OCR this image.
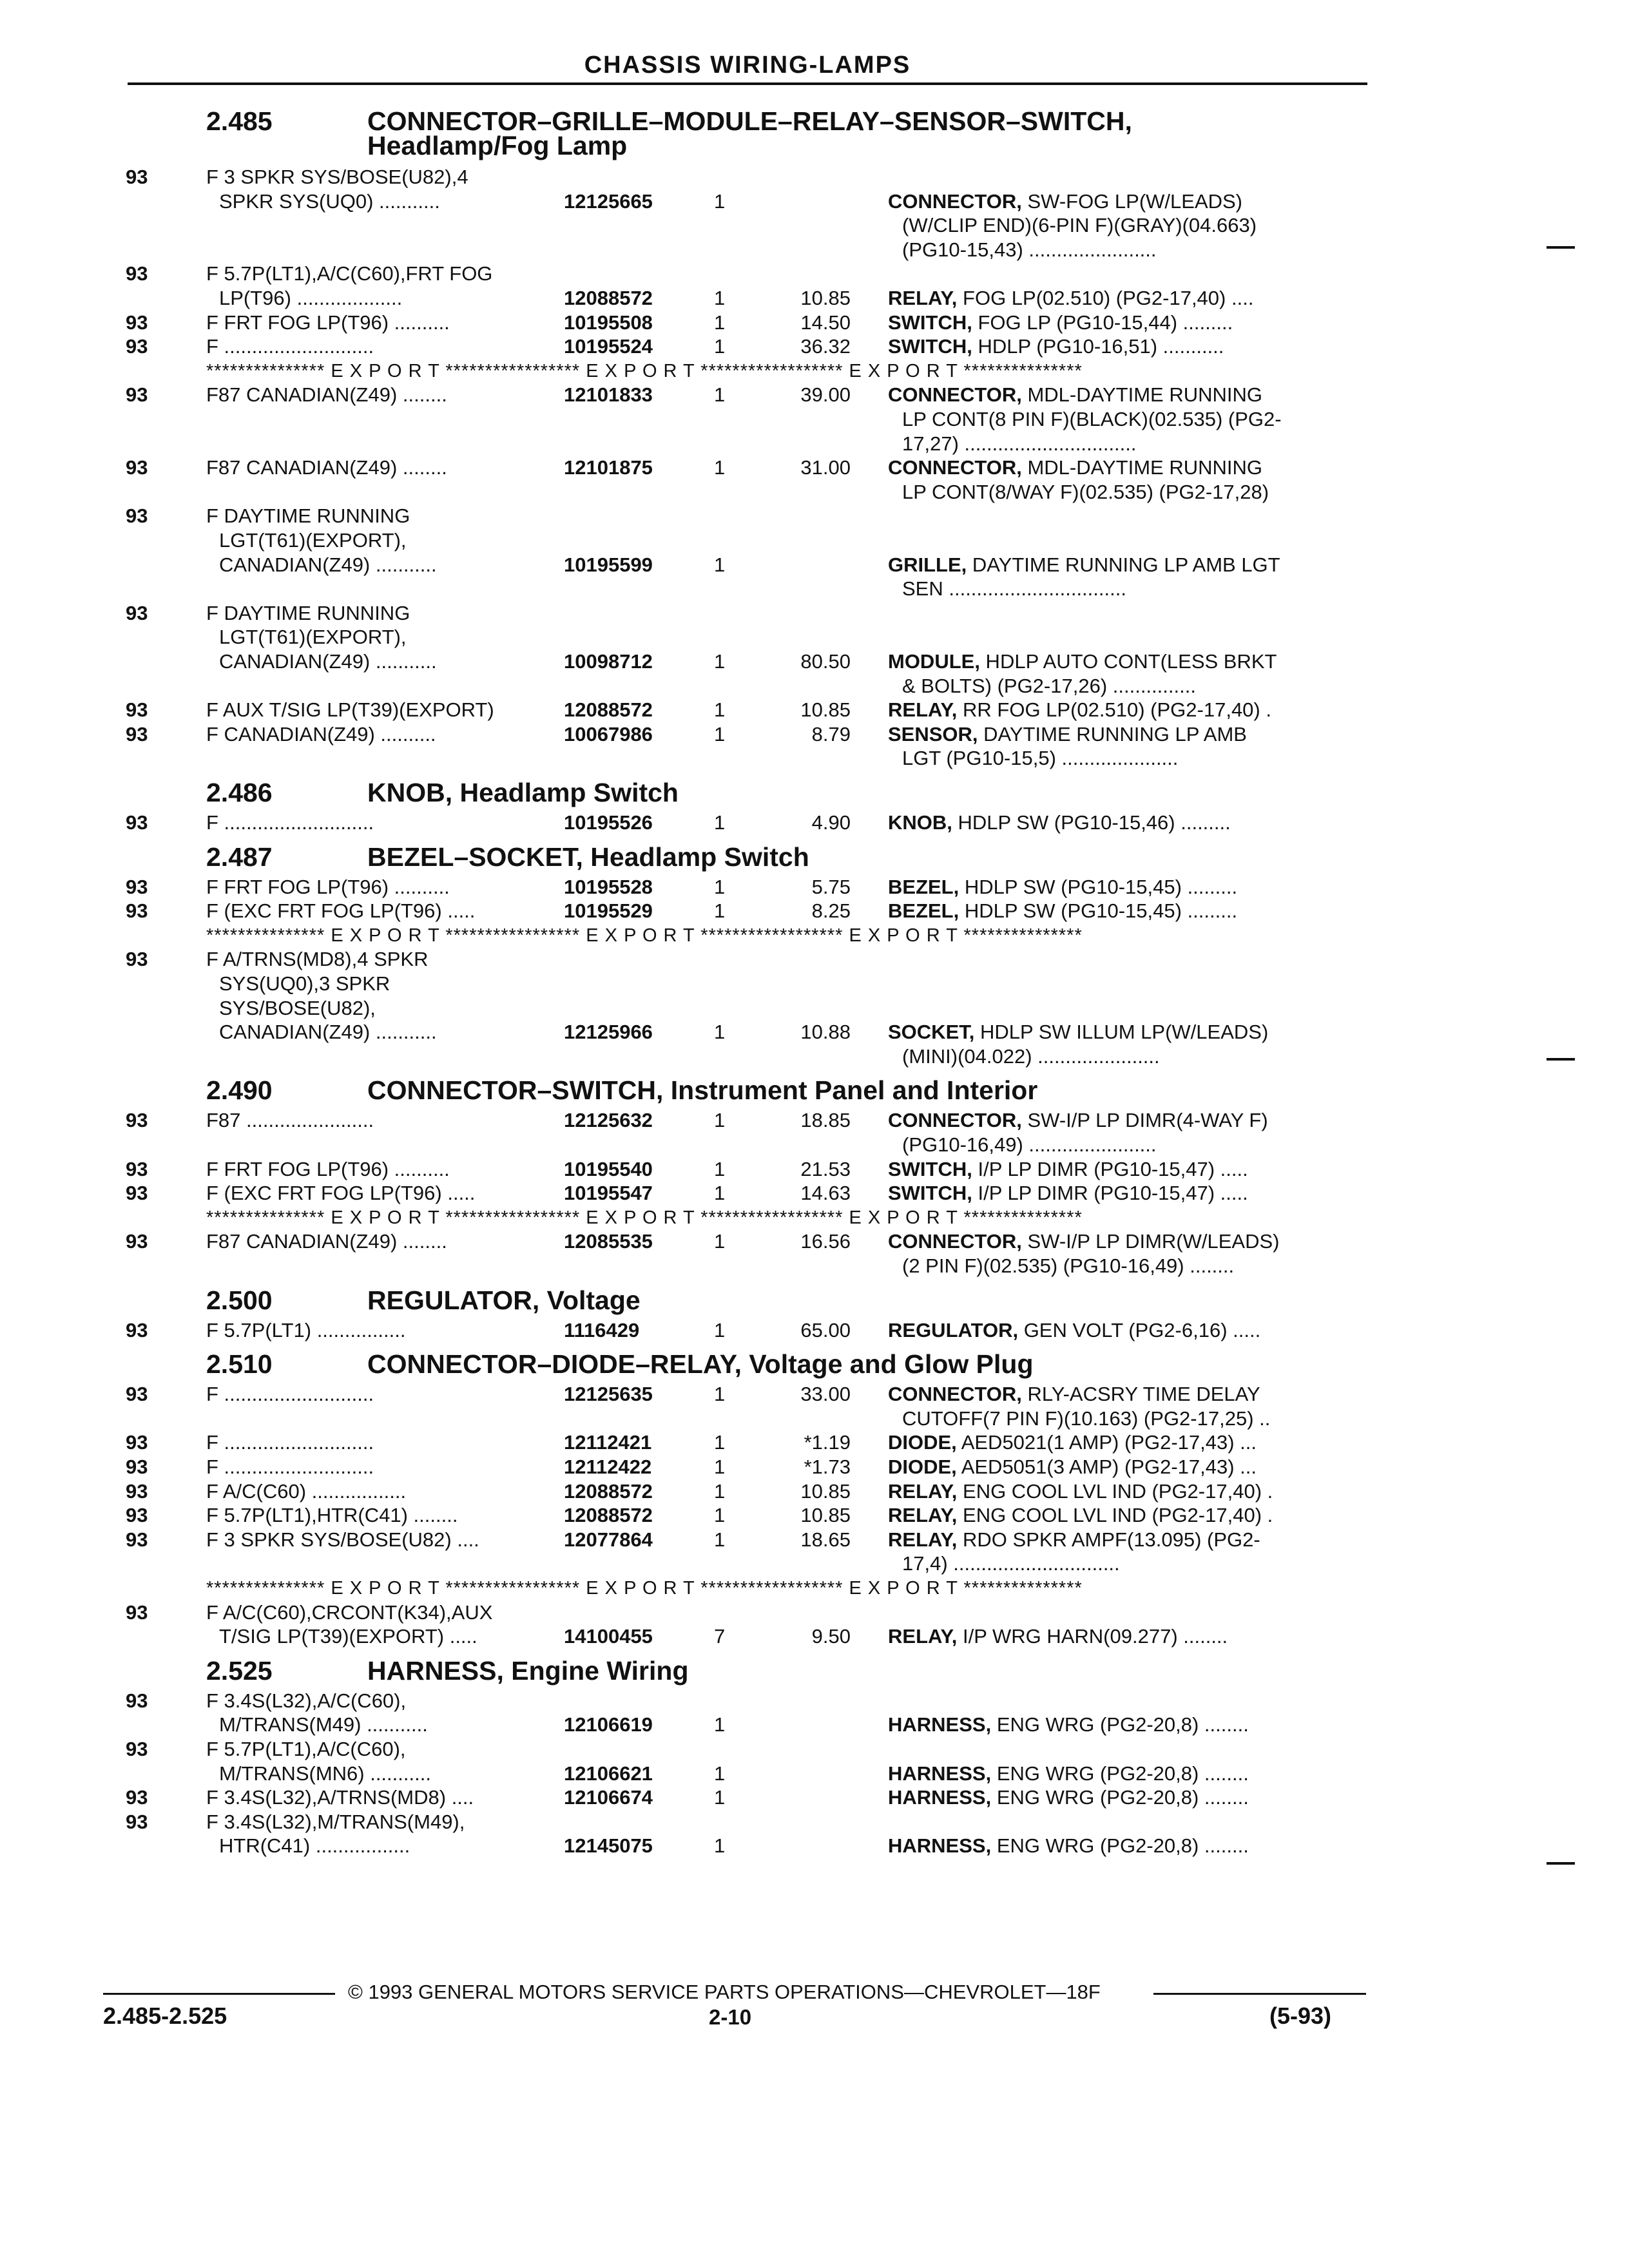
CHASSIS WIRING-LAMPS
2.485	CONNECTOR–GRILLE–MODULE–RELAY–SENSOR–SWITCH,
Headlamp/Fog Lamp
93	F 3 SPKR SYS/BOSE(U82),4
SPKR SYS(UQ0) ...........	12125665	1	CONNECTOR, SW-FOG LP(W/LEADS)
(W/CLIP END)(6-PIN F)(GRAY)(04.663)
(PG10-15,43) .......................
93	F 5.7P(LT1),A/C(C60),FRT FOG
LP(T96) ...................	12088572	1	10.85 RELAY, FOG LP(02.510) (PG2-17,40) ....
93	F FRT FOG LP(T96) ..........	10195508	1	14.50 SWITCH, FOG LP (PG10-15,44) .........
93	F ...........................	10195524	1	36.32 SWITCH, HDLP (PG10-16,51) ...........
*************** E X P O R T ***************** E X P O R T ****************** E X P O R T ***************
93	F87 CANADIAN(Z49) ........	12101833	1	39.00 CONNECTOR, MDL-DAYTIME RUNNING
LP CONT(8 PIN F)(BLACK)(02.535) (PG2-
17,27) ...............................
93	F87 CANADIAN(Z49) ........	12101875	1	31.00 CONNECTOR, MDL-DAYTIME RUNNING
LP CONT(8/WAY F)(02.535) (PG2-17,28)
93	F DAYTIME RUNNING
LGT(T61)(EXPORT),
CANADIAN(Z49) ...........	10195599	1	GRILLE, DAYTIME RUNNING LP AMB LGT
SEN ................................
93	F DAYTIME RUNNING
LGT(T61)(EXPORT),
CANADIAN(Z49) ...........	10098712	1	80.50 MODULE, HDLP AUTO CONT(LESS BRKT
& BOLTS) (PG2-17,26) ...............
93	F AUX T/SIG LP(T39)(EXPORT)	12088572	1	10.85 RELAY, RR FOG LP(02.510) (PG2-17,40) .
93	F CANADIAN(Z49) ..........	10067986	1	8.79 SENSOR, DAYTIME RUNNING LP AMB
LGT (PG10-15,5) .....................
2.486	KNOB, Headlamp Switch
93	F ...........................	10195526	1	4.90 KNOB, HDLP SW (PG10-15,46) .........
2.487	BEZEL–SOCKET, Headlamp Switch
93	F FRT FOG LP(T96) ..........	10195528	1	5.75 BEZEL, HDLP SW (PG10-15,45) .........
93	F (EXC FRT FOG LP(T96) .....	10195529	1	8.25 BEZEL, HDLP SW (PG10-15,45) .........
*************** E X P O R T ***************** E X P O R T ****************** E X P O R T ***************
93	F A/TRNS(MD8),4 SPKR
SYS(UQ0),3 SPKR
SYS/BOSE(U82),
CANADIAN(Z49) ...........	12125966	1	10.88 SOCKET, HDLP SW ILLUM LP(W/LEADS)
(MINI)(04.022) ......................
2.490	CONNECTOR–SWITCH, Instrument Panel and Interior
93	F87 .......................	12125632	1	18.85 CONNECTOR, SW-I/P LP DIMR(4-WAY F)
(PG10-16,49) .......................
93	F FRT FOG LP(T96) ..........	10195540	1	21.53 SWITCH, I/P LP DIMR (PG10-15,47) .....
93	F (EXC FRT FOG LP(T96) .....	10195547	1	14.63 SWITCH, I/P LP DIMR (PG10-15,47) .....
*************** E X P O R T ***************** E X P O R T ****************** E X P O R T ***************
93	F87 CANADIAN(Z49) ........	12085535	1	16.56 CONNECTOR, SW-I/P LP DIMR(W/LEADS)
(2 PIN F)(02.535) (PG10-16,49) ........
2.500	REGULATOR, Voltage
93	F 5.7P(LT1) ................	1116429	1	65.00 REGULATOR, GEN VOLT (PG2-6,16) .....
2.510	CONNECTOR–DIODE–RELAY, Voltage and Glow Plug
93	F ...........................	12125635	1	33.00 CONNECTOR, RLY-ACSRY TIME DELAY
CUTOFF(7 PIN F)(10.163) (PG2-17,25) ..
93	F ...........................	12112421	1	*1.19 DIODE, AED5021(1 AMP) (PG2-17,43) ...
93	F ...........................	12112422	1	*1.73 DIODE, AED5051(3 AMP) (PG2-17,43) ...
93	F A/C(C60) .................	12088572	1	10.85 RELAY, ENG COOL LVL IND (PG2-17,40) .
93	F 5.7P(LT1),HTR(C41) ........	12088572	1	10.85 RELAY, ENG COOL LVL IND (PG2-17,40) .
93	F 3 SPKR SYS/BOSE(U82) ....	12077864	1	18.65 RELAY, RDO SPKR AMPF(13.095) (PG2-
17,4) ..............................
*************** E X P O R T ***************** E X P O R T ****************** E X P O R T ***************
93	F A/C(C60),CRCONT(K34),AUX
T/SIG LP(T39)(EXPORT) .....	14100455	7	9.50 RELAY, I/P WRG HARN(09.277) ........
2.525	HARNESS, Engine Wiring
93	F 3.4S(L32),A/C(C60),
M/TRANS(M49) ...........	12106619	1	HARNESS, ENG WRG (PG2-20,8) ........
93	F 5.7P(LT1),A/C(C60),
M/TRANS(MN6) ...........	12106621	1	HARNESS, ENG WRG (PG2-20,8) ........
93	F 3.4S(L32),A/TRNS(MD8) ....	12106674	1	HARNESS, ENG WRG (PG2-20,8) ........
93	F 3.4S(L32),M/TRANS(M49),
HTR(C41) .................	12145075	1	HARNESS, ENG WRG (PG2-20,8) ........
© 1993 GENERAL MOTORS SERVICE PARTS OPERATIONS—CHEVROLET—18F
2.485-2.525	2-10	(5-93)
